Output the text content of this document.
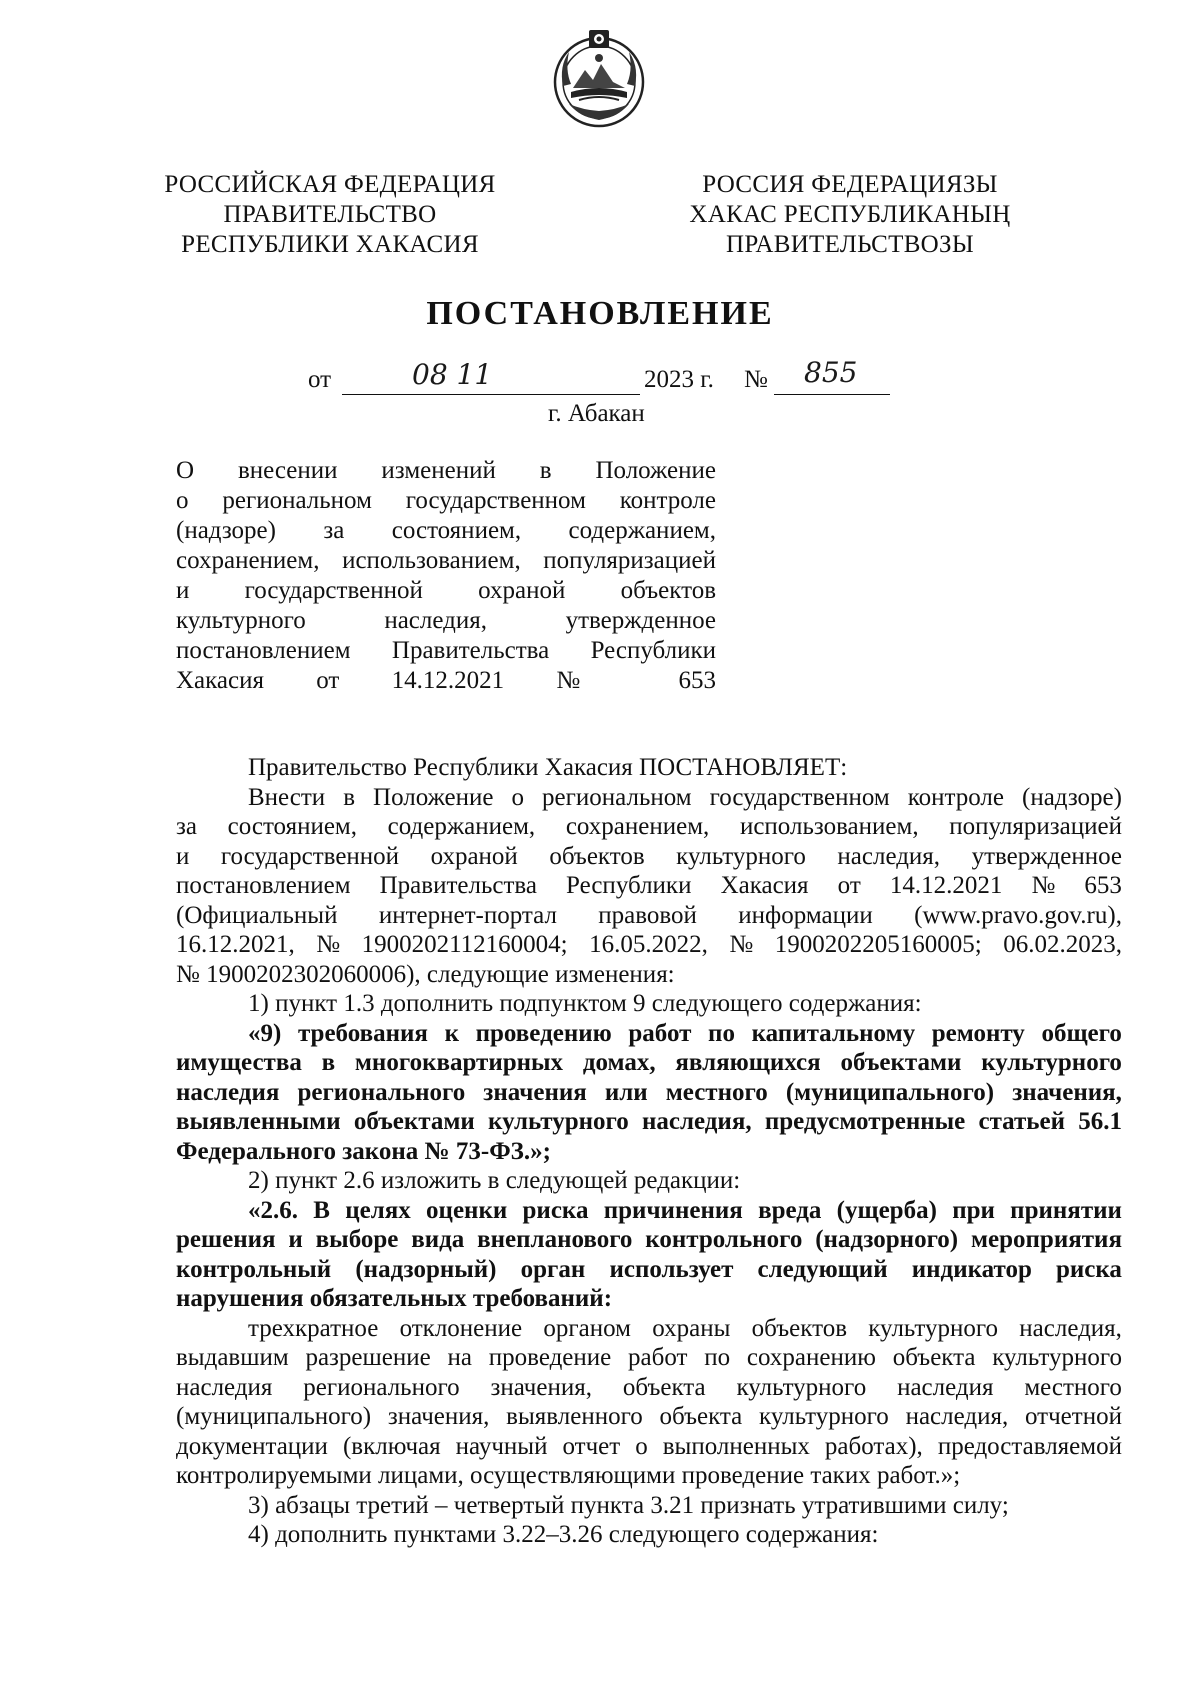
РОССИЙСКАЯ ФЕДЕРАЦИЯ
ПРАВИТЕЛЬСТВО
РЕСПУБЛИКИ ХАКАСИЯ
РОССИЯ ФЕДЕРАЦИЯЗЫ
ХАКАС РЕСПУБЛИКАНЫҢ
ПРАВИТЕЛЬСТВОЗЫ
ПОСТАНОВЛЕНИЕ
от	08 11	2023 г. № 855
г. Абакан
О внесении изменений в Положение
о региональном государственном контроле
(надзоре) за состоянием, содержанием,
сохранением, использованием, популяризацией
и государственной охраной объектов
культурного	наследия,	утвержденное
постановлением Правительства Республики
Хакасия от 14.12.2021 № 653
Правительство Республики Хакасия ПОСТАНОВЛЯЕТ:
Внести в Положение о региональном государственном контроле (надзоре)
за состоянием, содержанием, сохранением, использованием, популяризацией
и государственной охраной объектов культурного наследия, утвержденное
постановлением Правительства Республики Хакасия от 14.12.2021 № 653
(Официальный интернет-портал правовой информации (www.pravo.gov.ru),
16.12.2021, № 1900202112160004; 16.05.2022, № 1900202205160005; 06.02.2023,
№ 1900202302060006), следующие изменения:
1) пункт 1.3 дополнить подпунктом 9 следующего содержания:
«9) требования к проведению работ по капитальному ремонту общего
имущества в многоквартирных домах, являющихся объектами культурного
наследия регионального значения или местного (муниципального) значения,
выявленными объектами культурного наследия, предусмотренные статьей 56.1
Федерального закона № 73-ФЗ.»;
2) пункт 2.6 изложить в следующей редакции:
«2.6. В целях оценки риска причинения вреда (ущерба) при принятии
решения и выборе вида внепланового контрольного (надзорного) мероприятия
контрольный (надзорный) орган использует следующий индикатор риска
нарушения обязательных требований:
трехкратное отклонение органом охраны объектов культурного наследия,
выдавшим разрешение на проведение работ по сохранению объекта культурного
наследия регионального значения, объекта культурного наследия местного
(муниципального) значения, выявленного объекта культурного наследия, отчетной
документации (включая научный отчет о выполненных работах), предоставляемой
контролируемыми лицами, осуществляющими проведение таких работ.»;
3) абзацы третий – четвертый пункта 3.21 признать утратившими силу;
4) дополнить пунктами 3.22–3.26 следующего содержания:
